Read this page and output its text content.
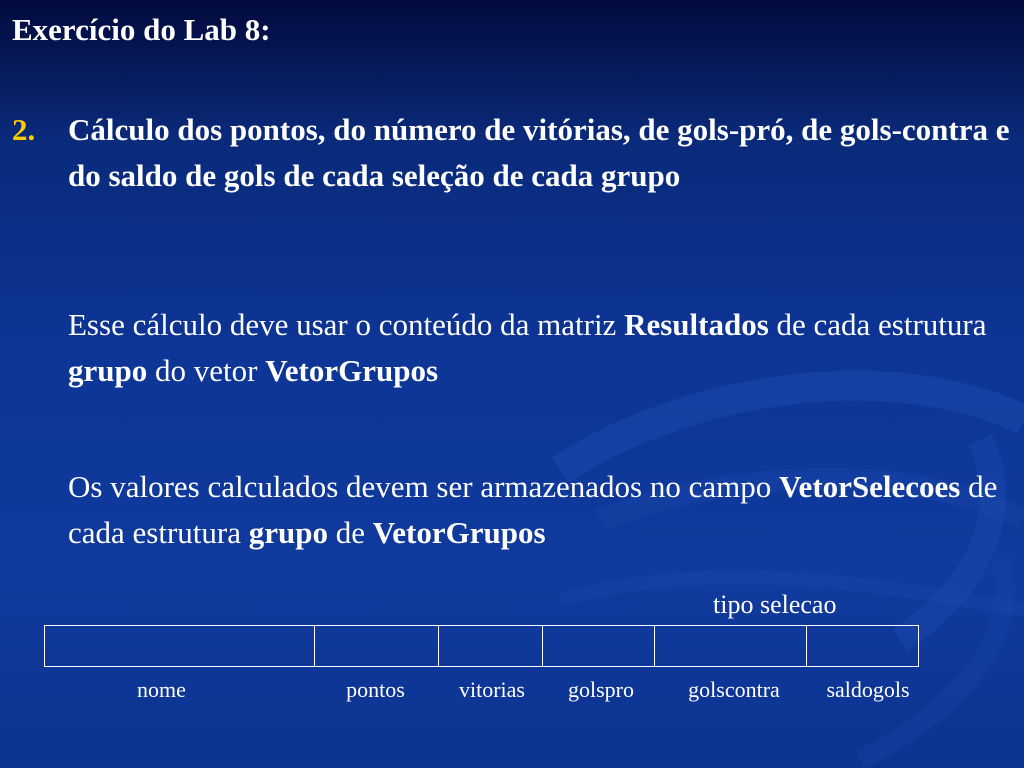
Exercício do Lab 8:
2. Cálculo dos pontos, do número de vitórias, de gols-pró, de gols-contra e do saldo de gols de cada seleção de cada grupo
Esse cálculo deve usar o conteúdo da matriz Resultados de cada estrutura grupo do vetor VetorGrupos
Os valores calculados devem ser armazenados no campo VetorSelecoes de cada estrutura grupo de VetorGrupos
tipo selecao

nome	pontos	vitorias	golspro	golscontra	saldogols
